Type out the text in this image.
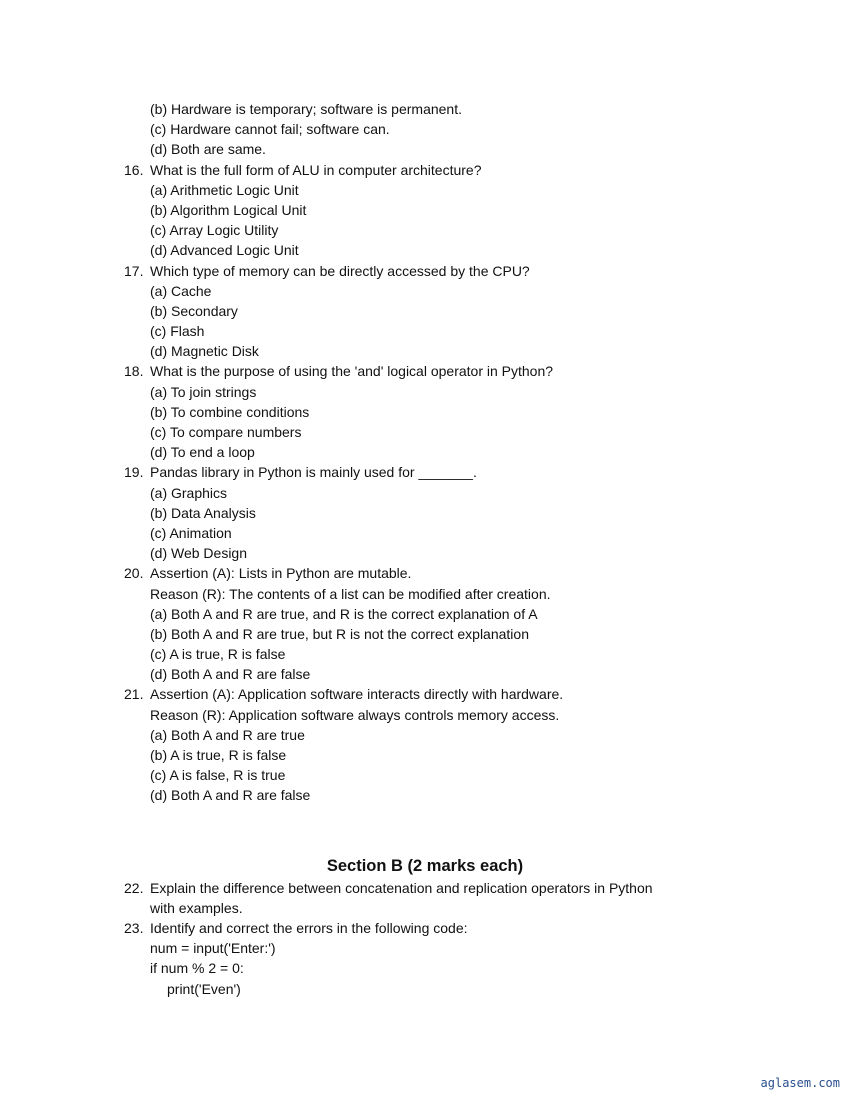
(b) Hardware is temporary; software is permanent.
(c) Hardware cannot fail; software can.
(d) Both are same.
16. What is the full form of ALU in computer architecture?
(a) Arithmetic Logic Unit
(b) Algorithm Logical Unit
(c) Array Logic Utility
(d) Advanced Logic Unit
17. Which type of memory can be directly accessed by the CPU?
(a) Cache
(b) Secondary
(c) Flash
(d) Magnetic Disk
18. What is the purpose of using the 'and' logical operator in Python?
(a) To join strings
(b) To combine conditions
(c) To compare numbers
(d) To end a loop
19. Pandas library in Python is mainly used for _______.
(a) Graphics
(b) Data Analysis
(c) Animation
(d) Web Design
20. Assertion (A): Lists in Python are mutable.
Reason (R): The contents of a list can be modified after creation.
(a) Both A and R are true, and R is the correct explanation of A
(b) Both A and R are true, but R is not the correct explanation
(c) A is true, R is false
(d) Both A and R are false
21. Assertion (A): Application software interacts directly with hardware.
Reason (R): Application software always controls memory access.
(a) Both A and R are true
(b) A is true, R is false
(c) A is false, R is true
(d) Both A and R are false
Section B (2 marks each)
22. Explain the difference between concatenation and replication operators in Python
with examples.
23. Identify and correct the errors in the following code:
num = input('Enter:')
if num % 2 = 0:
print('Even')
aglasem.com
